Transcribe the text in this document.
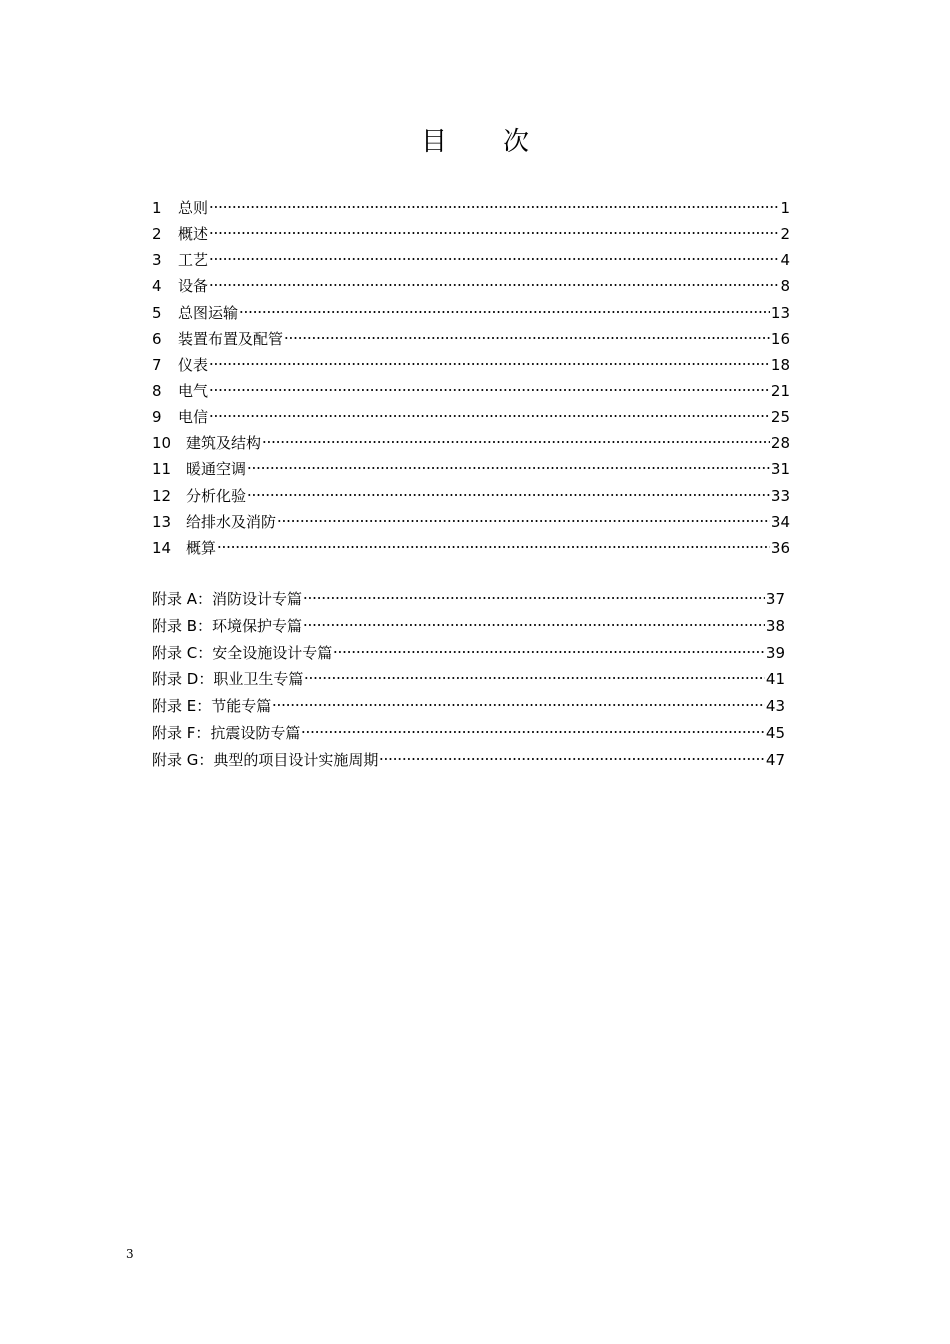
目 次
1	总则	1
2	概述	2
3	工艺	4
4	设备	8
5	总图运输	13
6	装置布置及配管	16
7	仪表	18
8	电气	21
9	电信	25
10 建筑及结构	28
11 暖通空调	31
12 分析化验	33
13 给排水及消防	34
14 概算	36
附录 A：消防设计专篇	37
附录 B：环境保护专篇	38
附录 C：安全设施设计专篇	39
附录 D：职业卫生专篇	41
附录 E：节能专篇	43
附录 F：抗震设防专篇	45
附录 G：典型的项目设计实施周期	47
3
